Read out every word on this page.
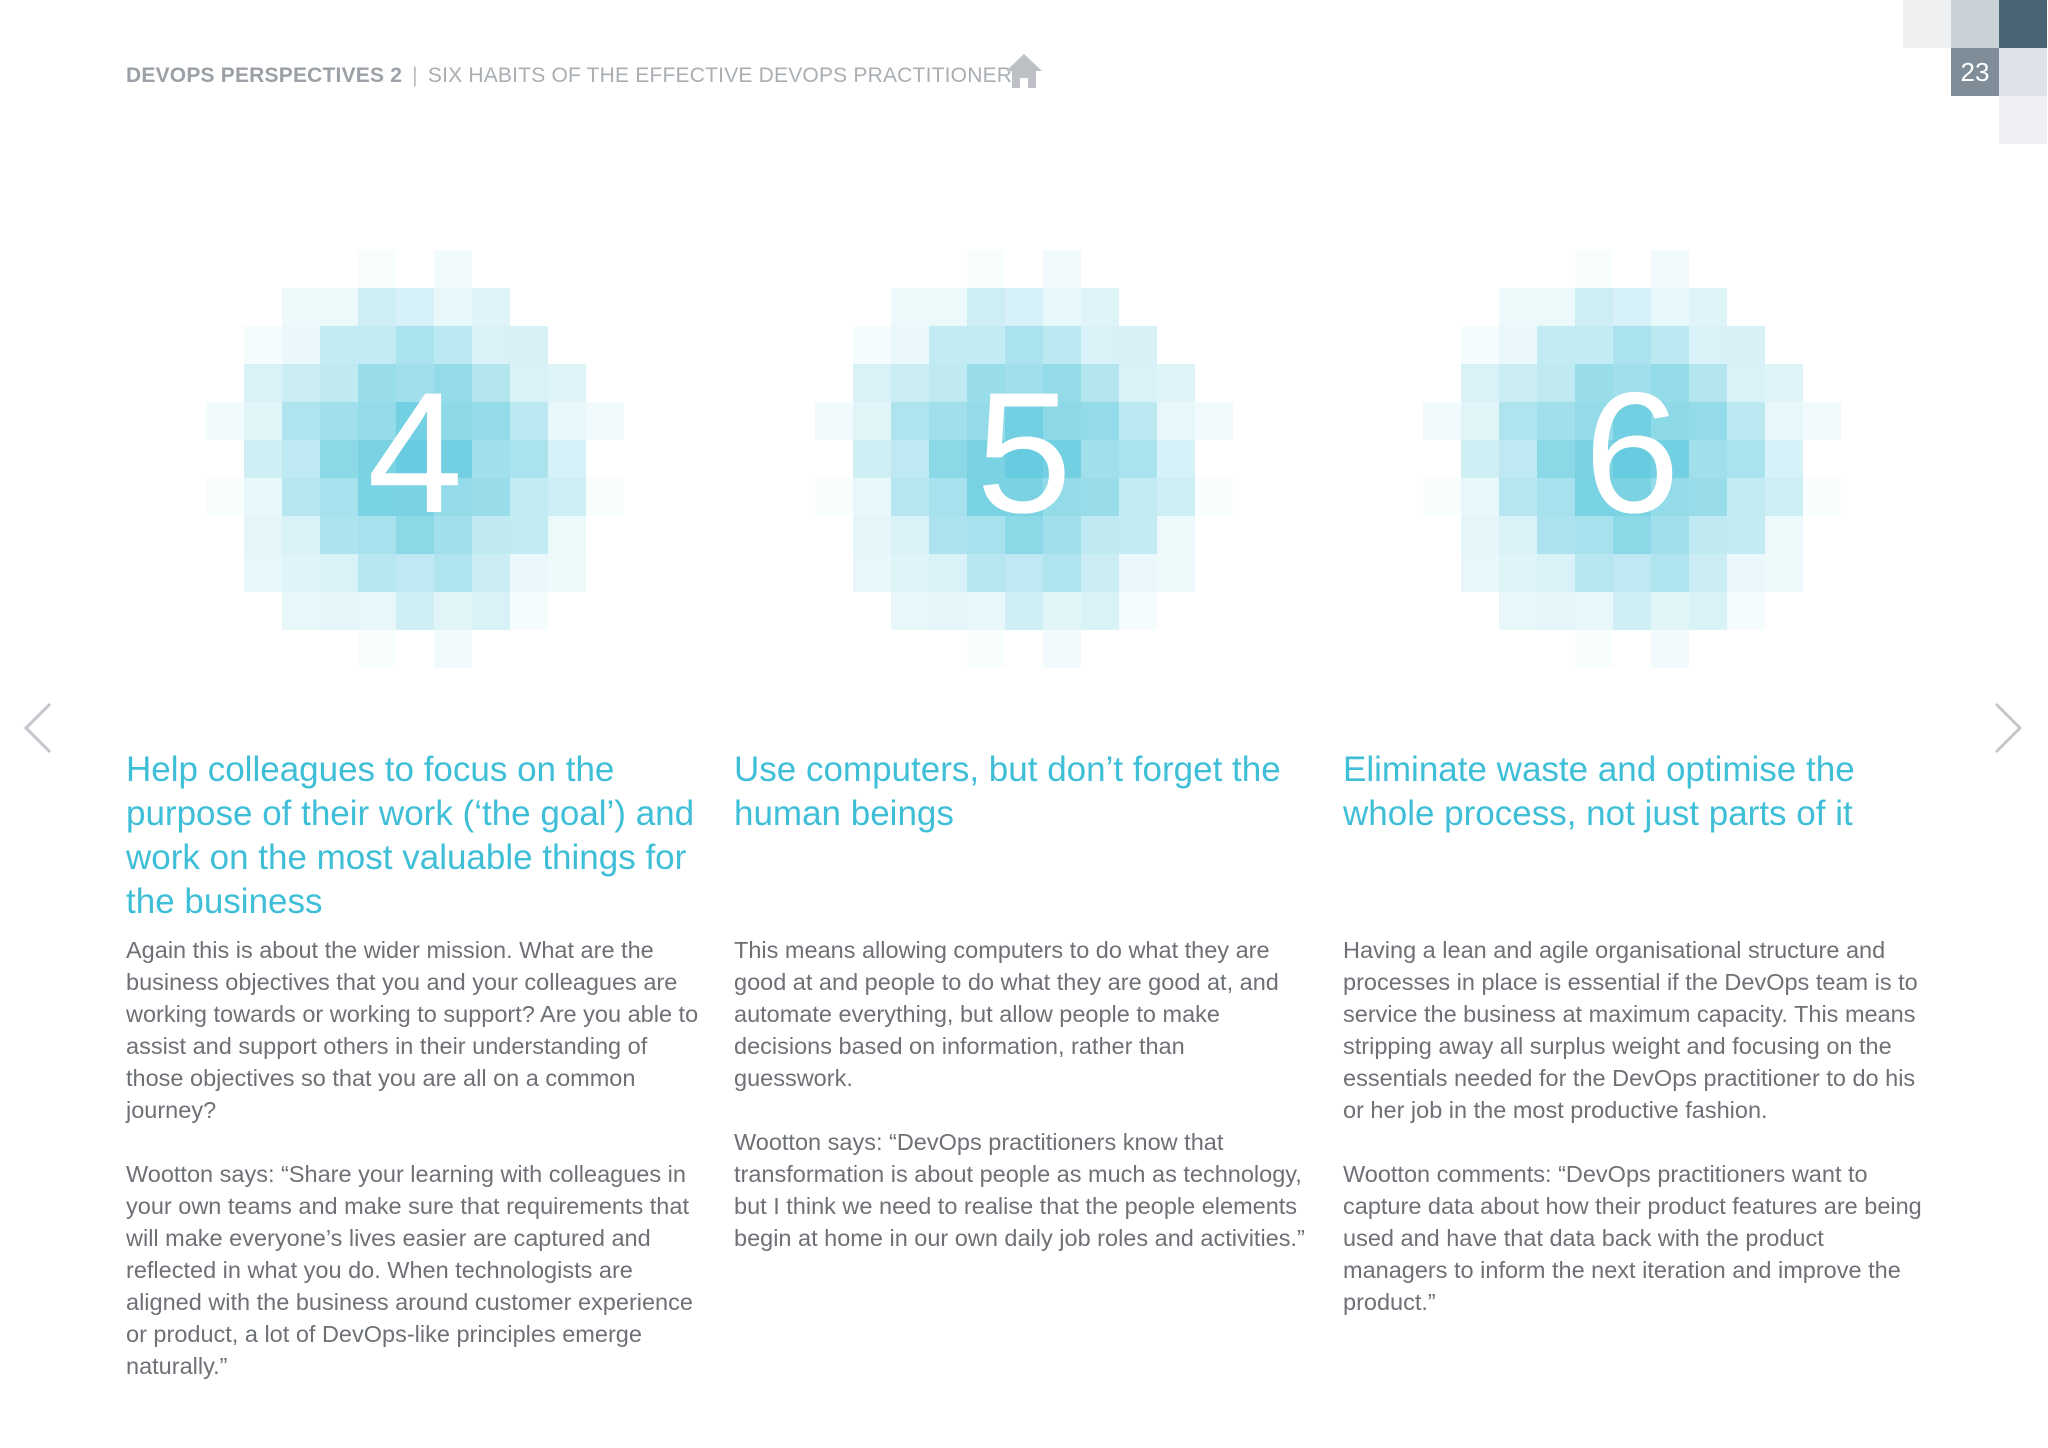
DEVOPS PERSPECTIVES 2 | SIX HABITS OF THE EFFECTIVE DEVOPS PRACTITIONER	23
4	5	6
Help colleagues to focus on the purpose of their work (‘the goal’) and work on the most valuable things for the business

Again this is about the wider mission. What are the business objectives that you and your colleagues are working towards or working to support? Are you able to assist and support others in their understanding of those objectives so that you are all on a common journey?

Wootton says: “Share your learning with colleagues in your own teams and make sure that requirements that will make everyone’s lives easier are captured and reflected in what you do. When technologists are aligned with the business around customer experience or product, a lot of DevOps-like principles emerge naturally.”

Use computers, but don’t forget the human beings

This means allowing computers to do what they are good at and people to do what they are good at, and automate everything, but allow people to make decisions based on information, rather than guesswork.

Wootton says: “DevOps practitioners know that transformation is about people as much as technology, but I think we need to realise that the people elements begin at home in our own daily job roles and activities.”

Eliminate waste and optimise the whole process, not just parts of it

Having a lean and agile organisational structure and processes in place is essential if the DevOps team is to service the business at maximum capacity. This means stripping away all surplus weight and focusing on the essentials needed for the DevOps practitioner to do his or her job in the most productive fashion.

Wootton comments: “DevOps practitioners want to capture data about how their product features are being used and have that data back with the product managers to inform the next iteration and improve the product.”
